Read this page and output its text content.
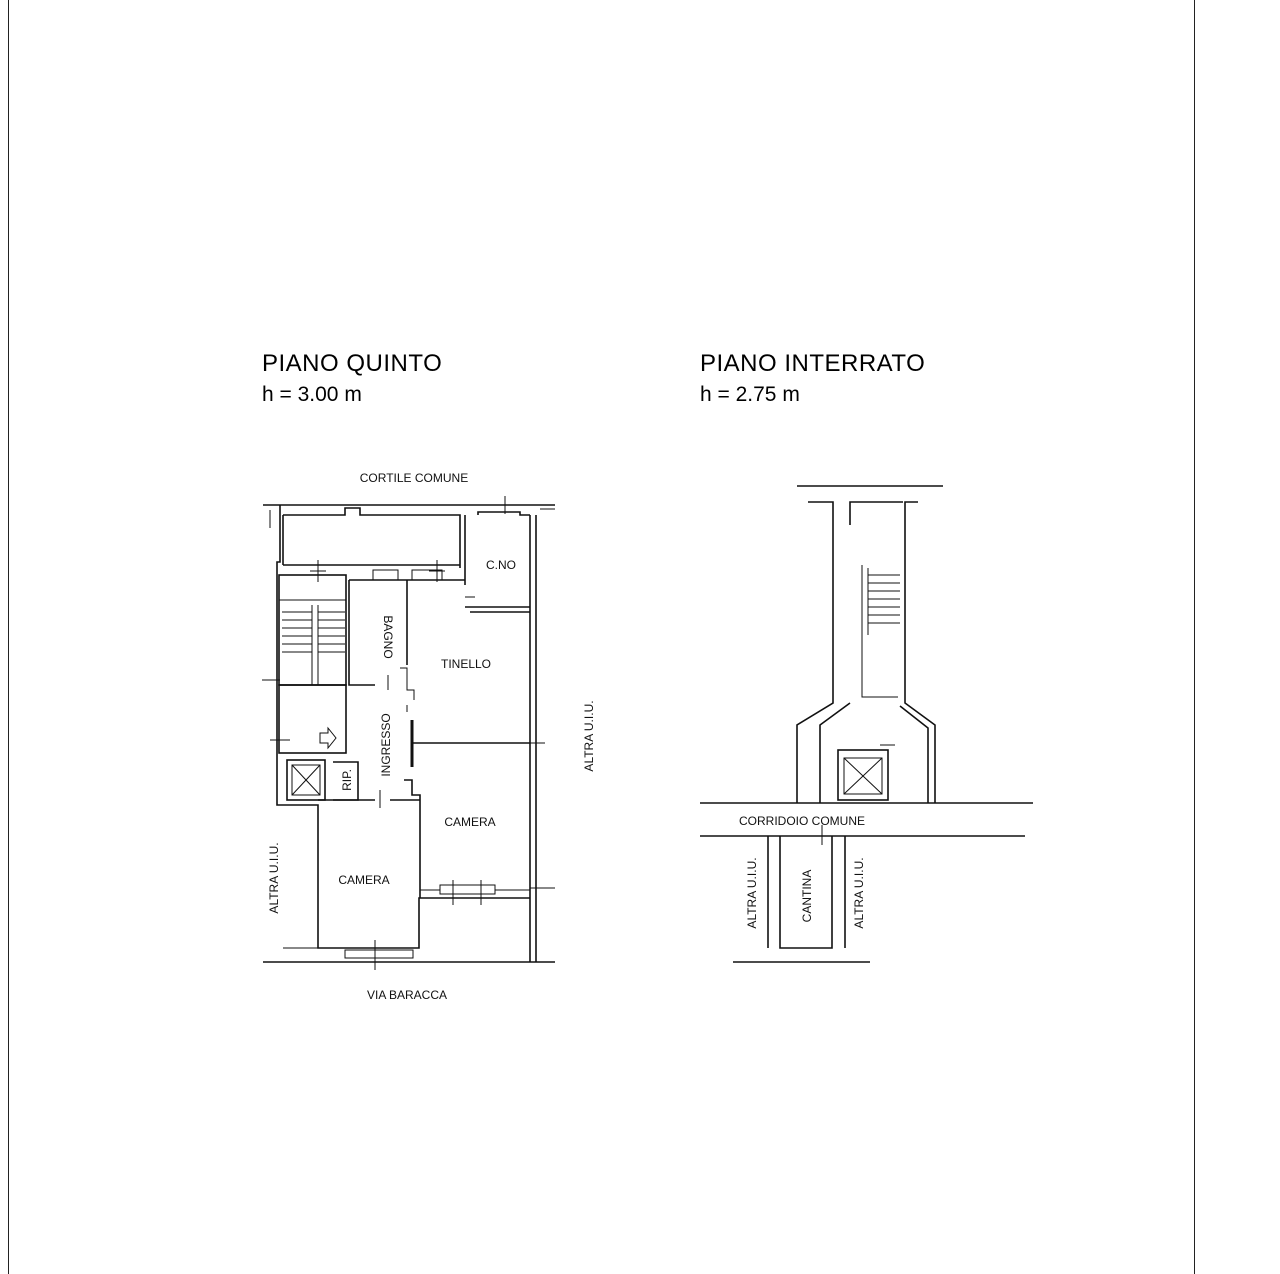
PIANO QUINTO
h = 3.00 m
PIANO INTERRATO
h = 2.75 m
CORTILE COMUNE
VIA BARACCA
C.NO
TINELLO
CAMERA
CAMERA
BAGNO
INGRESSO
RIP.
ALTRA U.I.U.
ALTRA U.I.U.
CORRIDOIO COMUNE
CANTINA
ALTRA U.I.U.	ALTRA U.I.U.
